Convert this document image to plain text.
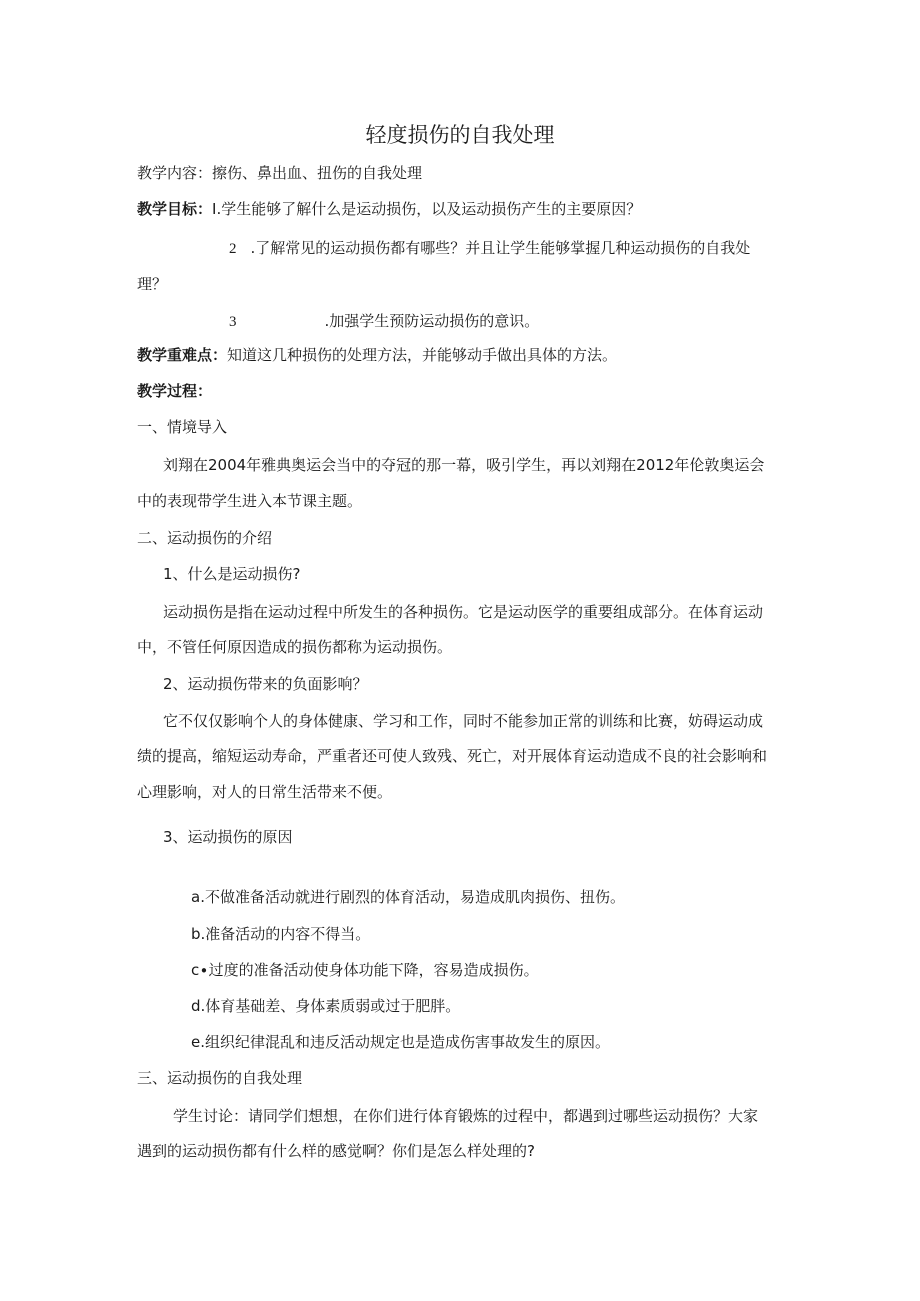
轻度损伤的自我处理
教学内容：擦伤、鼻出血、扭伤的自我处理
教学目标：I.学生能够了解什么是运动损伤，以及运动损伤产生的主要原因？
2 .了解常见的运动损伤都有哪些？并且让学生能够掌握几种运动损伤的自我处
理？
3	.加强学生预防运动损伤的意识。
教学重难点：知道这几种损伤的处理方法，并能够动手做出具体的方法。
教学过程：
一、情境导入
刘翔在2004年雅典奥运会当中的夺冠的那一幕，吸引学生，再以刘翔在2012年伦敦奥运会
中的表现带学生进入本节课主题。
二、运动损伤的介绍
1、什么是运动损伤?
运动损伤是指在运动过程中所发生的各种损伤。它是运动医学的重要组成部分。在体育运动
中，不管任何原因造成的损伤都称为运动损伤。
2、运动损伤带来的负面影响？
它不仅仅影响个人的身体健康、学习和工作，同时不能参加正常的训练和比赛，妨碍运动成
绩的提高，缩短运动寿命，严重者还可使人致残、死亡，对开展体育运动造成不良的社会影响和
心理影响，对人的日常生活带来不便。
3、运动损伤的原因
a.不做准备活动就进行剧烈的体育活动，易造成肌肉损伤、扭伤。
b.准备活动的内容不得当。
c∙过度的准备活动使身体功能下降，容易造成损伤。
d.体育基础差、身体素质弱或过于肥胖。
e.组织纪律混乱和违反活动规定也是造成伤害事故发生的原因。
三、运动损伤的自我处理
学生讨论：请同学们想想，在你们进行体育锻炼的过程中，都遇到过哪些运动损伤？大家
遇到的运动损伤都有什么样的感觉啊？你们是怎么样处理的?
